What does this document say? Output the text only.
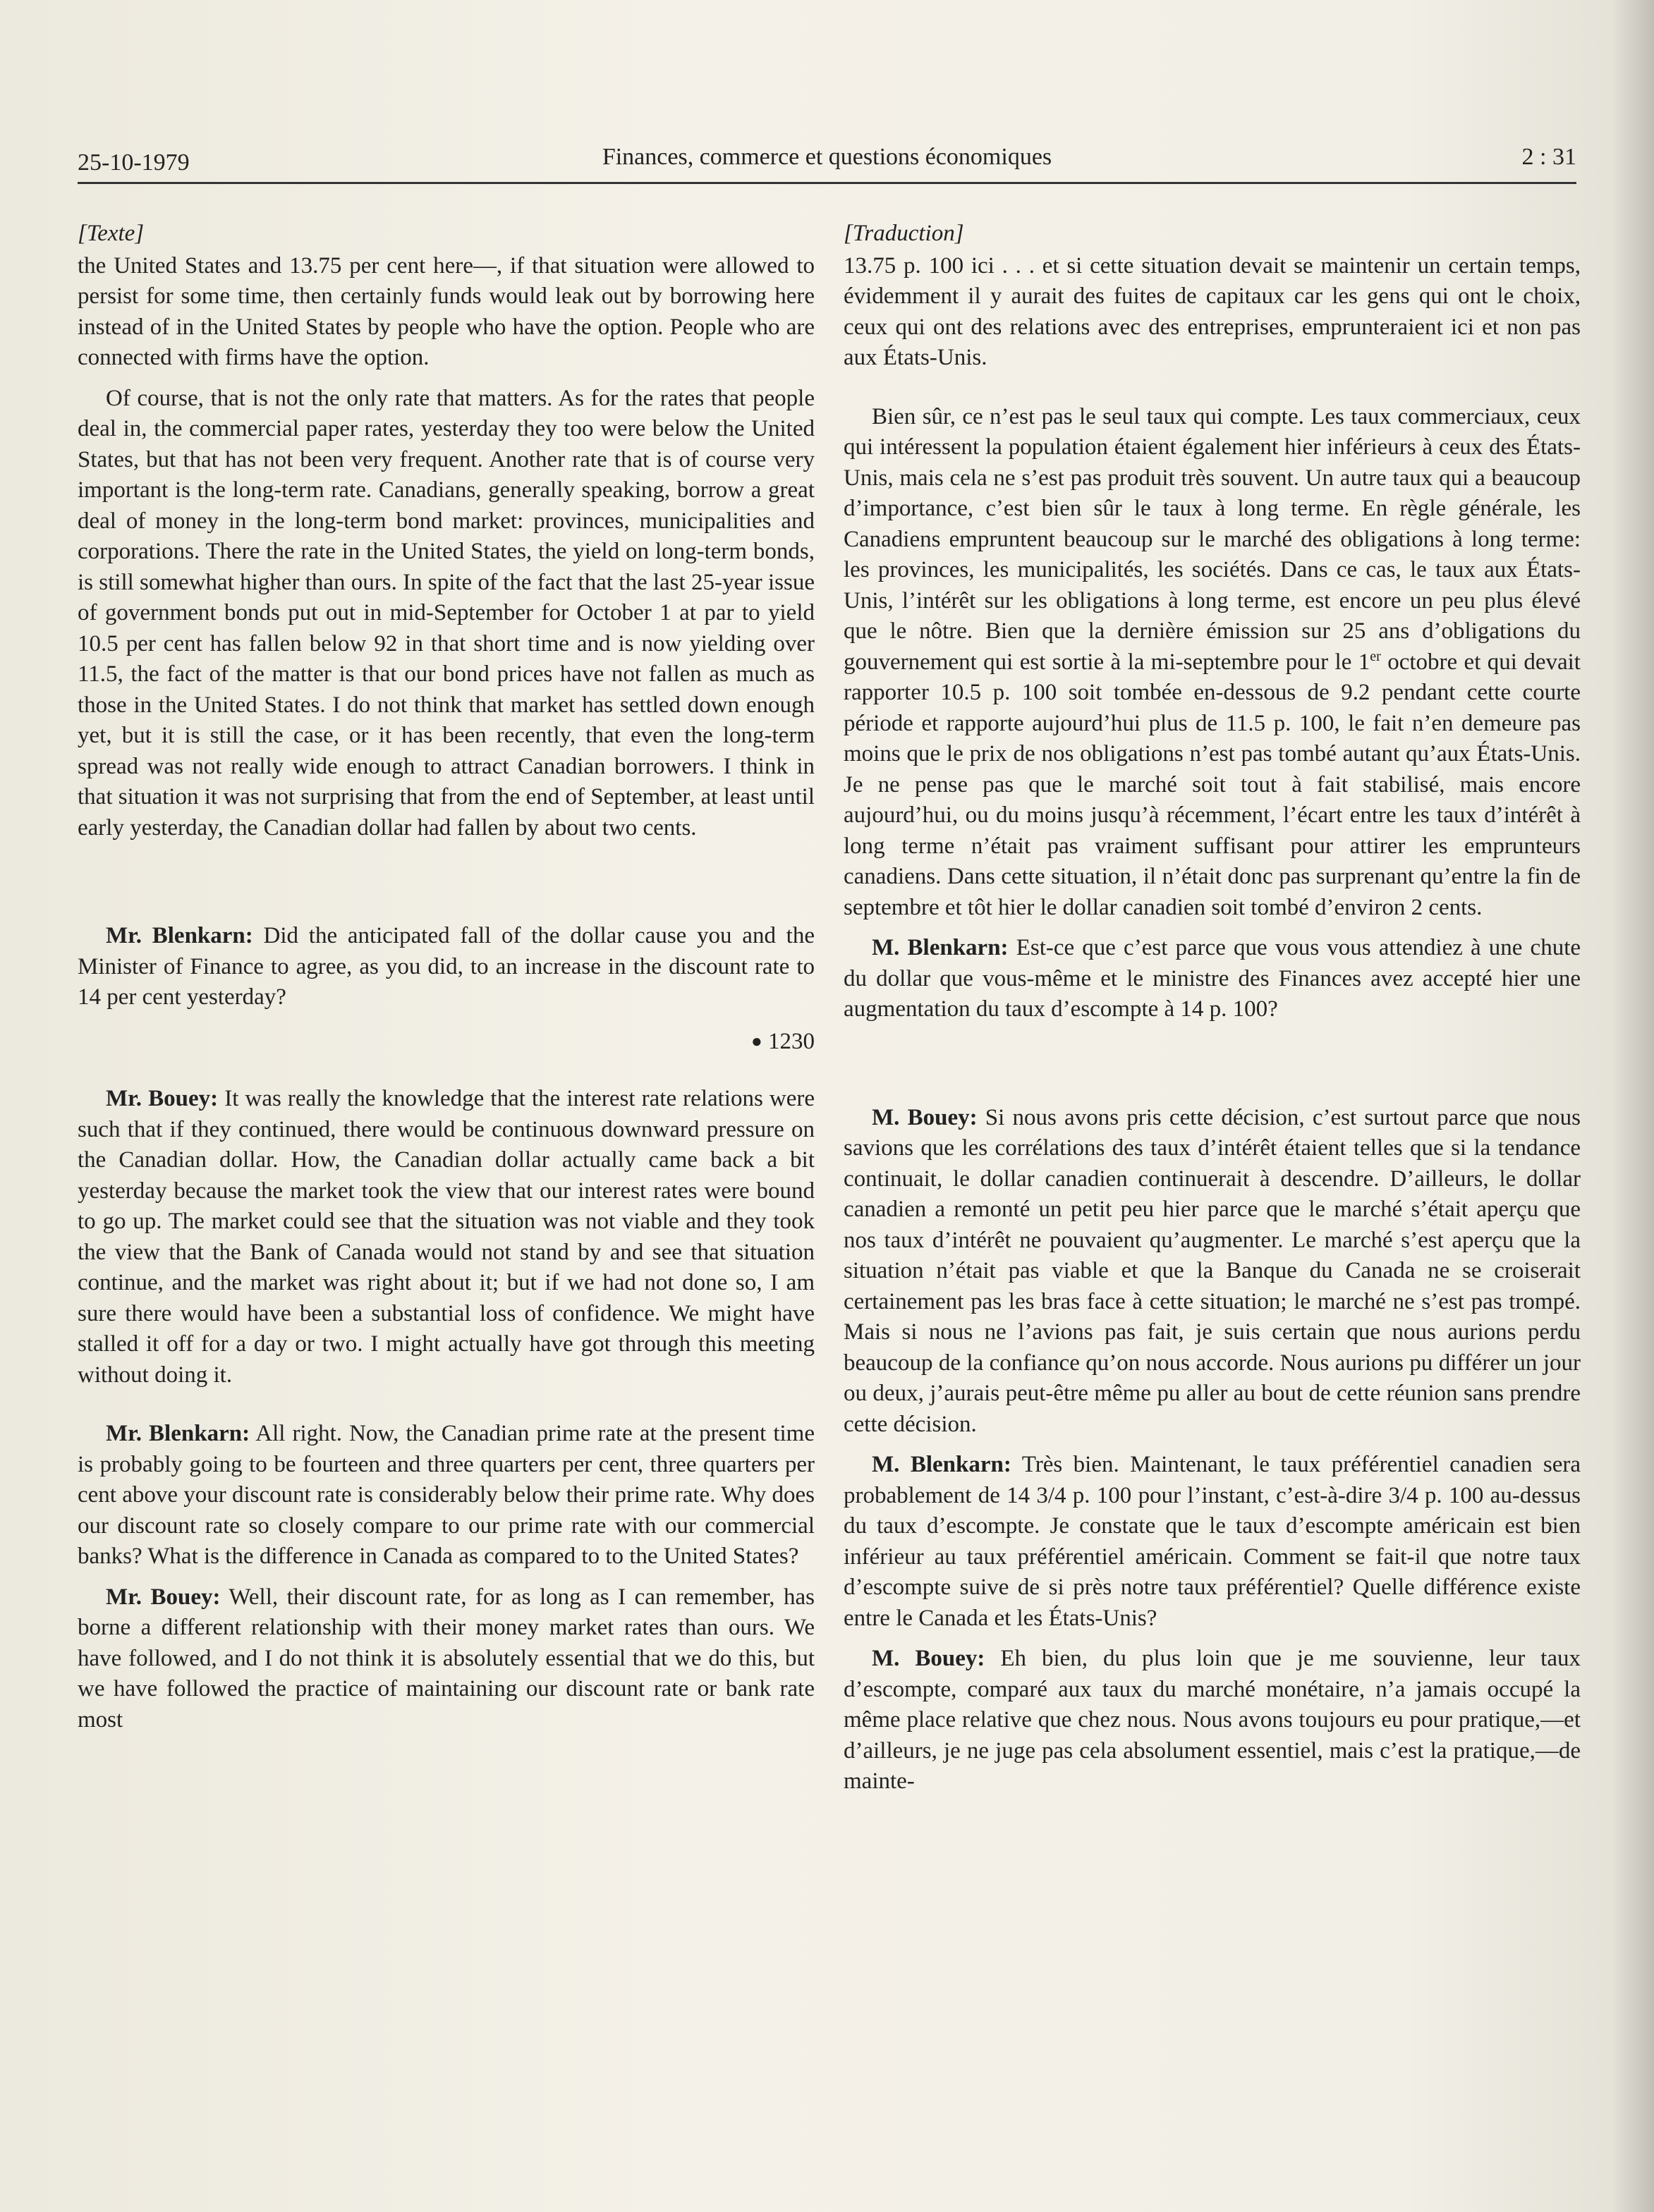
25-10-1979	Finances, commerce et questions économiques	2 : 31
[Texte]

the United States and 13.75 per cent here—, if that situation were allowed to persist for some time, then certainly funds would leak out by borrowing here instead of in the United States by people who have the option. People who are connected with firms have the option.

Of course, that is not the only rate that matters. As for the rates that people deal in, the commercial paper rates, yesterday they too were below the United States, but that has not been very frequent. Another rate that is of course very important is the long-term rate. Canadians, generally speaking, borrow a great deal of money in the long-term bond market: provinces, municipalities and corporations. There the rate in the United States, the yield on long-term bonds, is still somewhat higher than ours. In spite of the fact that the last 25-year issue of government bonds put out in mid-September for October 1 at par to yield 10.5 per cent has fallen below 92 in that short time and is now yielding over 11.5, the fact of the matter is that our bond prices have not fallen as much as those in the United States. I do not think that market has settled down enough yet, but it is still the case, or it has been recently, that even the long-term spread was not really wide enough to attract Canadian borrowers. I think in that situation it was not surprising that from the end of September, at least until early yesterday, the Canadian dollar had fallen by about two cents.

Mr. Blenkarn: Did the anticipated fall of the dollar cause you and the Minister of Finance to agree, as you did, to an increase in the discount rate to 14 per cent yesterday?

● 1230

Mr. Bouey: It was really the knowledge that the interest rate relations were such that if they continued, there would be continuous downward pressure on the Canadian dollar. How, the Canadian dollar actually came back a bit yesterday because the market took the view that our interest rates were bound to go up. The market could see that the situation was not viable and they took the view that the Bank of Canada would not stand by and see that situation continue, and the market was right about it; but if we had not done so, I am sure there would have been a substantial loss of confidence. We might have stalled it off for a day or two. I might actually have got through this meeting without doing it.

Mr. Blenkarn: All right. Now, the Canadian prime rate at the present time is probably going to be fourteen and three quarters per cent, three quarters per cent above your discount rate is considerably below their prime rate. Why does our discount rate so closely compare to our prime rate with our commercial banks? What is the difference in Canada as compared to to the United States?

Mr. Bouey: Well, their discount rate, for as long as I can remember, has borne a different relationship with their money market rates than ours. We have followed, and I do not think it is absolutely essential that we do this, but we have followed the practice of maintaining our discount rate or bank rate most

[Traduction]

13.75 p. 100 ici . . . et si cette situation devait se maintenir un certain temps, évidemment il y aurait des fuites de capitaux car les gens qui ont le choix, ceux qui ont des relations avec des entreprises, emprunteraient ici et non pas aux États-Unis.

Bien sûr, ce n’est pas le seul taux qui compte. Les taux commerciaux, ceux qui intéressent la population étaient également hier inférieurs à ceux des États-Unis, mais cela ne s’est pas produit très souvent. Un autre taux qui a beaucoup d’importance, c’est bien sûr le taux à long terme. En règle générale, les Canadiens empruntent beaucoup sur le marché des obligations à long terme: les provinces, les municipalités, les sociétés. Dans ce cas, le taux aux États-Unis, l’intérêt sur les obligations à long terme, est encore un peu plus élevé que le nôtre. Bien que la dernière émission sur 25 ans d’obligations du gouvernement qui est sortie à la mi-septembre pour le 1er octobre et qui devait rapporter 10.5 p. 100 soit tombée en-dessous de 9.2 pendant cette courte période et rapporte aujourd’hui plus de 11.5 p. 100, le fait n’en demeure pas moins que le prix de nos obligations n’est pas tombé autant qu’aux États-Unis. Je ne pense pas que le marché soit tout à fait stabilisé, mais encore aujourd’hui, ou du moins jusqu’à récemment, l’écart entre les taux d’intérêt à long terme n’était pas vraiment suffisant pour attirer les emprunteurs canadiens. Dans cette situation, il n’était donc pas surprenant qu’entre la fin de septembre et tôt hier le dollar canadien soit tombé d’environ 2 cents.

M. Blenkarn: Est-ce que c’est parce que vous vous attendiez à une chute du dollar que vous-même et le ministre des Finances avez accepté hier une augmentation du taux d’escompte à 14 p. 100?

M. Bouey: Si nous avons pris cette décision, c’est surtout parce que nous savions que les corrélations des taux d’intérêt étaient telles que si la tendance continuait, le dollar canadien continuerait à descendre. D’ailleurs, le dollar canadien a remonté un petit peu hier parce que le marché s’était aperçu que nos taux d’intérêt ne pouvaient qu’augmenter. Le marché s’est aperçu que la situation n’était pas viable et que la Banque du Canada ne se croiserait certainement pas les bras face à cette situation; le marché ne s’est pas trompé. Mais si nous ne l’avions pas fait, je suis certain que nous aurions perdu beaucoup de la confiance qu’on nous accorde. Nous aurions pu différer un jour ou deux, j’aurais peut-être même pu aller au bout de cette réunion sans prendre cette décision.

M. Blenkarn: Très bien. Maintenant, le taux préférentiel canadien sera probablement de 14 3/4 p. 100 pour l’instant, c’est-à-dire 3/4 p. 100 au-dessus du taux d’escompte. Je constate que le taux d’escompte américain est bien inférieur au taux préférentiel américain. Comment se fait-il que notre taux d’escompte suive de si près notre taux préférentiel? Quelle différence existe entre le Canada et les États-Unis?

M. Bouey: Eh bien, du plus loin que je me souvienne, leur taux d’escompte, comparé aux taux du marché monétaire, n’a jamais occupé la même place relative que chez nous. Nous avons toujours eu pour pratique,—et d’ailleurs, je ne juge pas cela absolument essentiel, mais c’est la pratique,—de mainte-
